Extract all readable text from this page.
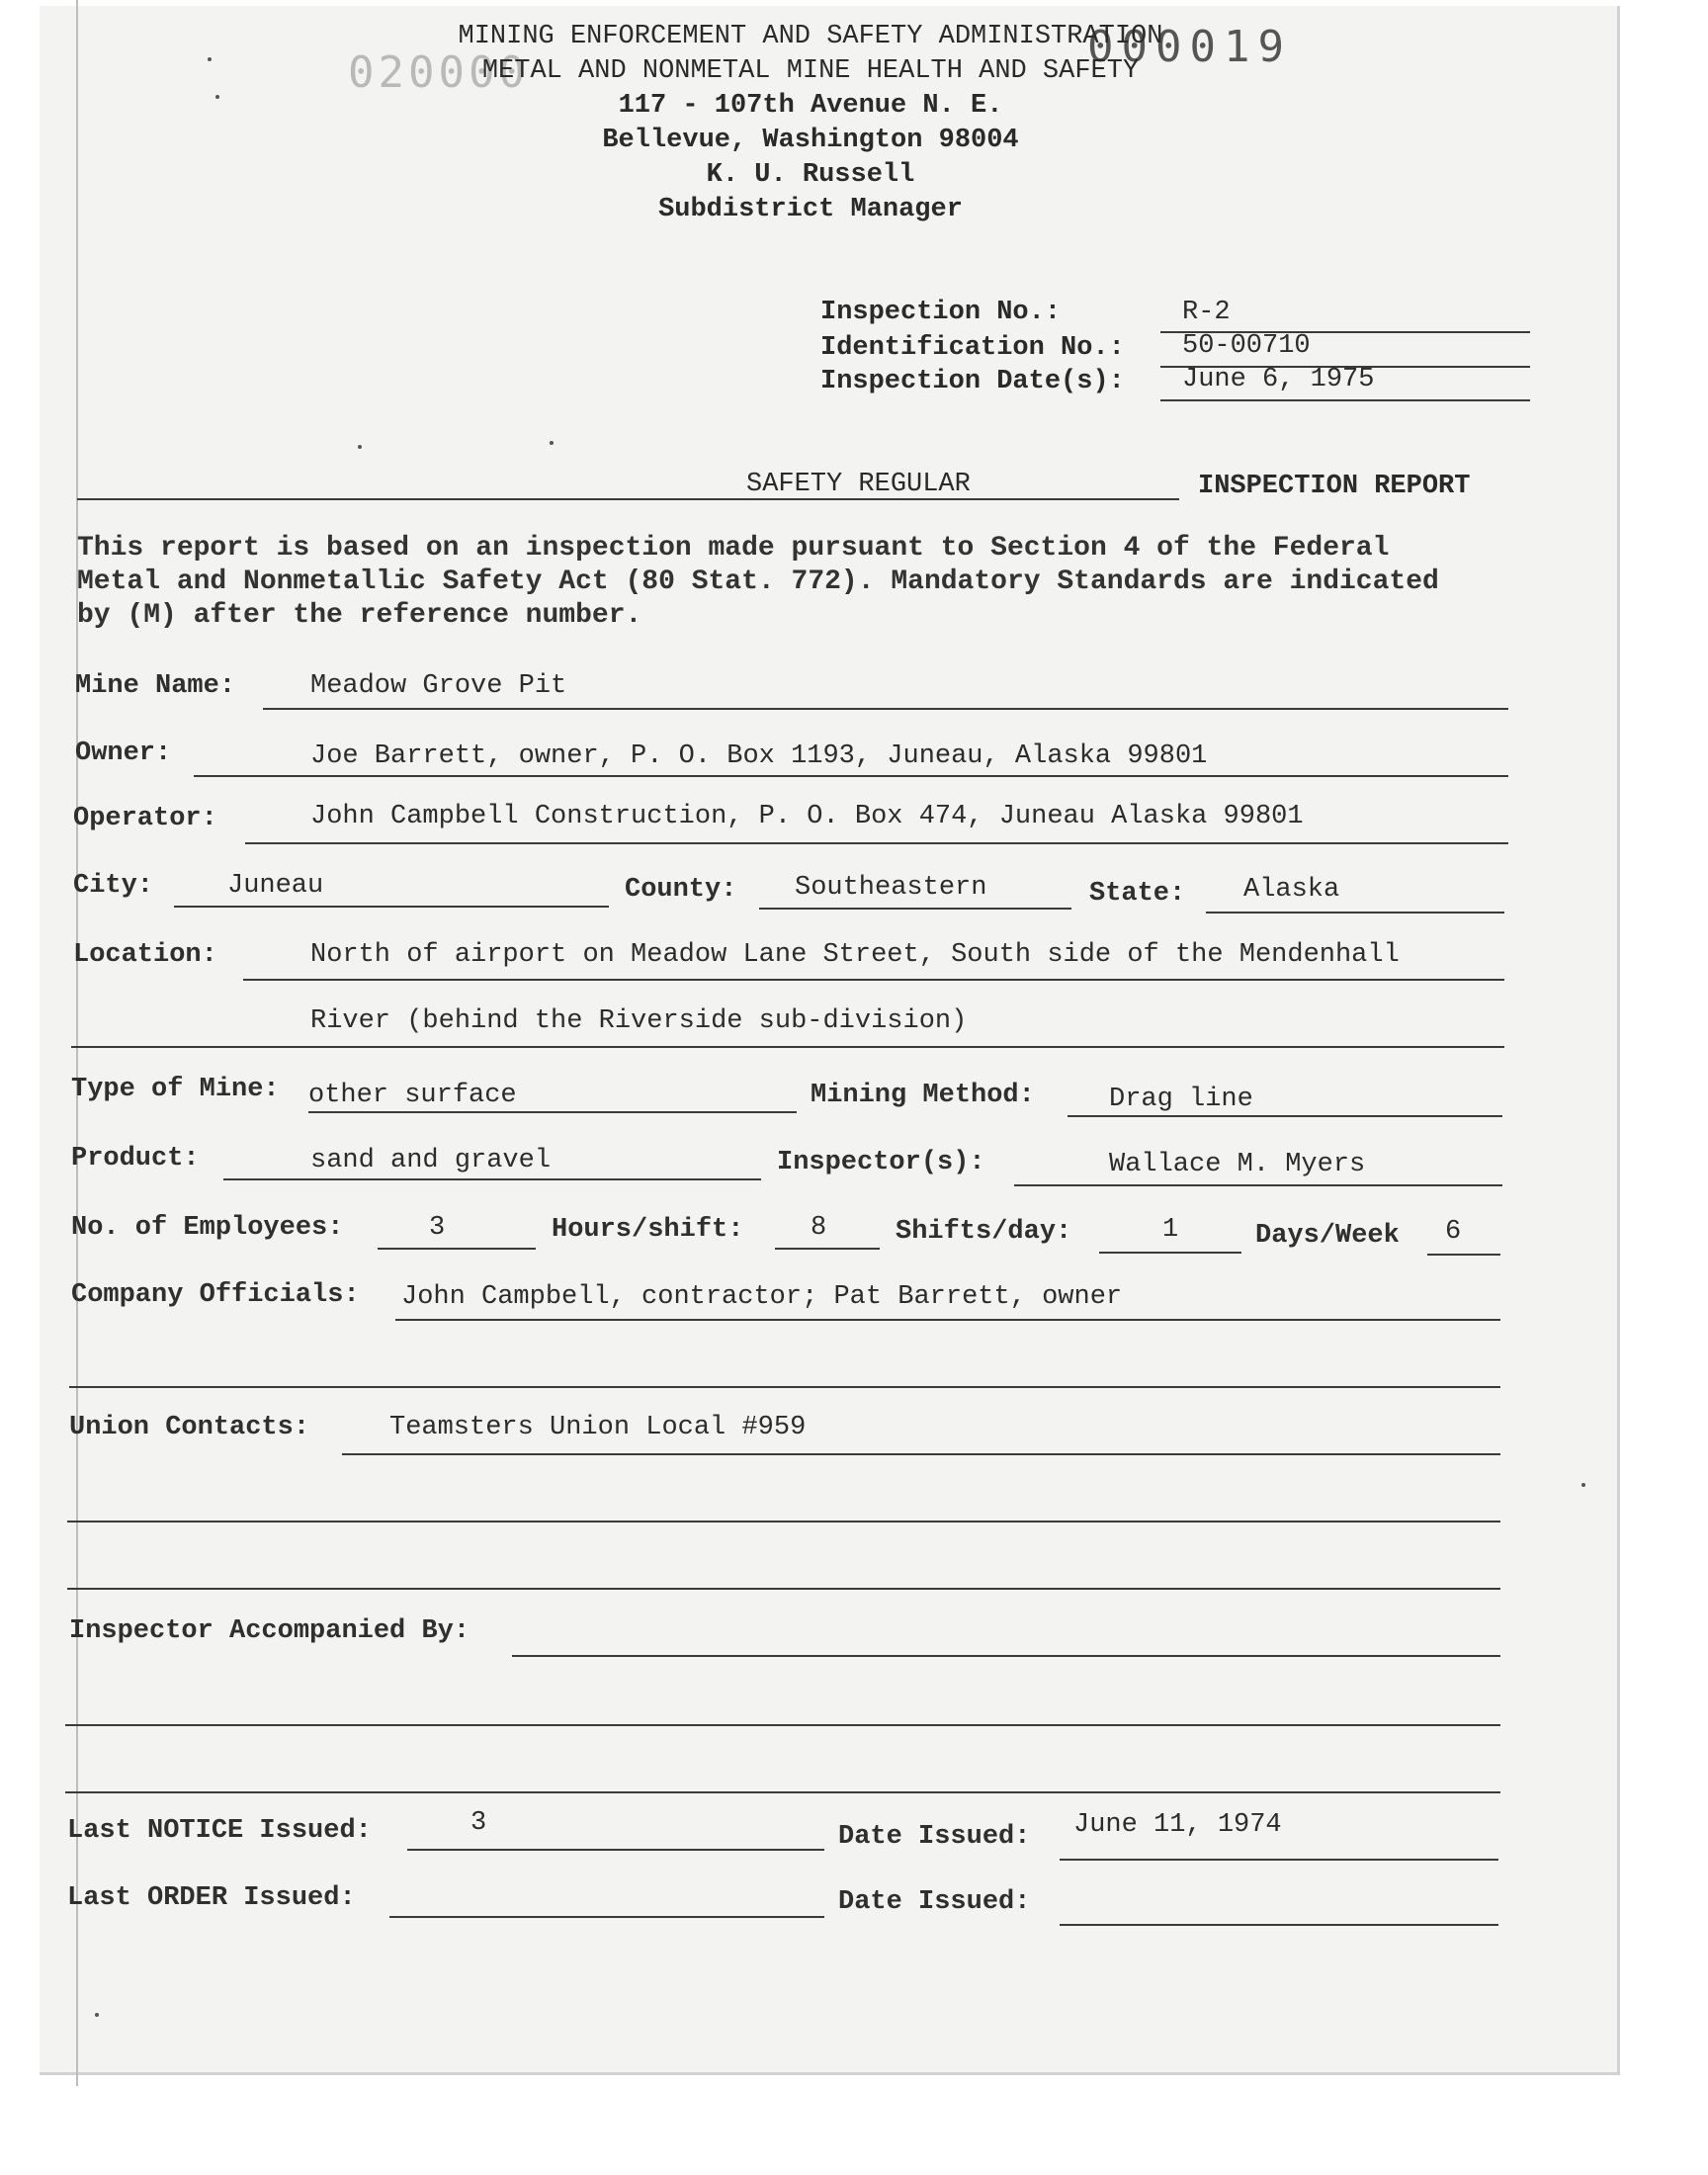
020000
000019
MINING ENFORCEMENT AND SAFETY ADMINISTRATION
METAL AND NONMETAL MINE HEALTH AND SAFETY
117 - 107th Avenue N. E.
Bellevue, Washington 98004
K. U. Russell
Subdistrict Manager
Inspection No.:	R-2
Identification No.: 50-00710
Inspection Date(s): June 6, 1975
SAFETY REGULAR	INSPECTION REPORT
This report is based on an inspection made pursuant to Section 4 of the Federal
Metal and Nonmetallic Safety Act (80 Stat. 772). Mandatory Standards are indicated
by (M) after the reference number.
Mine Name:	Meadow Grove Pit
Owner:	Joe Barrett, owner, P. O. Box 1193, Juneau, Alaska 99801
Operator:	John Campbell Construction, P. O. Box 474, Juneau Alaska 99801
City:	Juneau	County: Southeastern	State: Alaska
Location:	North of airport on Meadow Lane Street, South side of the Mendenhall
River (behind the Riverside sub-division)
Type of Mine: other surface	Mining Method:	Drag line
Product:	sand and gravel	Inspector(s):	Wallace M. Myers
No. of Employees:	3	Hours/shift:	8	Shifts/day:	1	Days/Week 6
Company Officials: John Campbell, contractor; Pat Barrett, owner
Union Contacts:	Teamsters Union Local #959
Inspector Accompanied By:
Last NOTICE Issued:	3	Date Issued: June 11, 1974
Last ORDER Issued:	Date Issued:
